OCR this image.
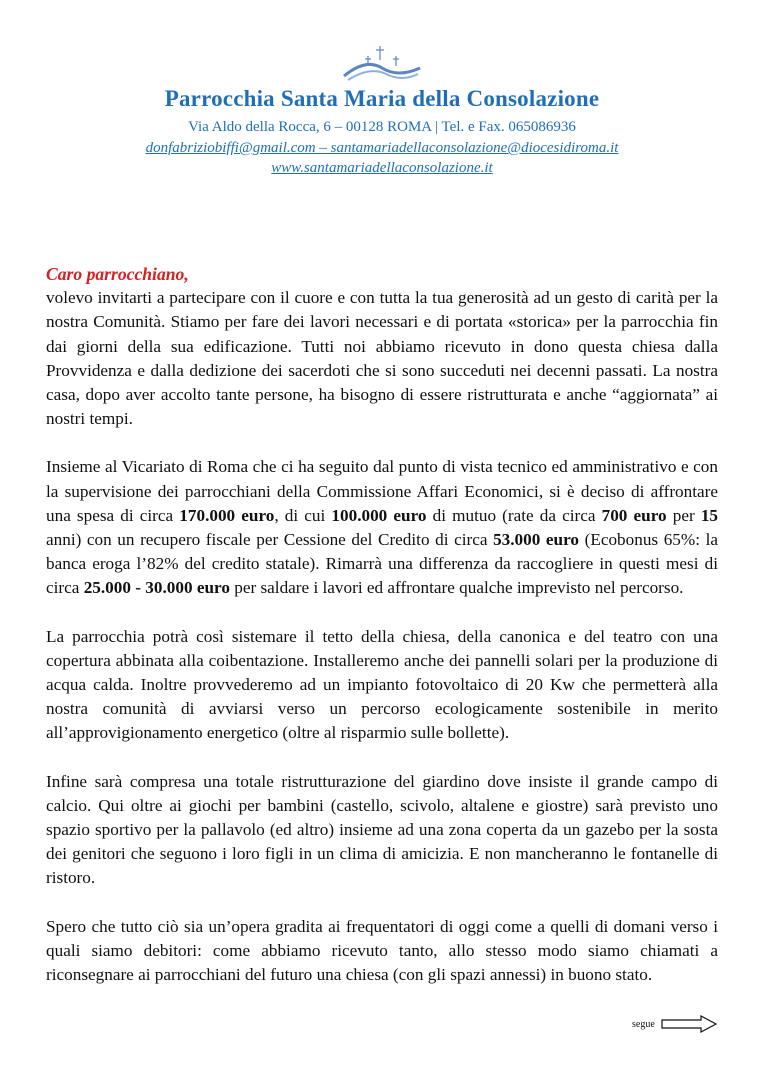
Parrocchia Santa Maria della Consolazione
Via Aldo della Rocca, 6 – 00128 ROMA | Tel. e Fax. 065086936
donfabriziobiffi@gmail.com – santamariadellaconsolazione@diocesidiroma.it
www.santamariadellaconsolazione.it
Caro parrocchiano,

volevo invitarti a partecipare con il cuore e con tutta la tua generosità ad un gesto di carità per la nostra Comunità. Stiamo per fare dei lavori necessari e di portata «storica» per la parrocchia fin dai giorni della sua edificazione. Tutti noi abbiamo ricevuto in dono questa chiesa dalla Provvidenza e dalla dedizione dei sacerdoti che si sono succeduti nei decenni passati. La nostra casa, dopo aver accolto tante persone, ha bisogno di essere ristrutturata e anche “aggiornata” ai nostri tempi.

Insieme al Vicariato di Roma che ci ha seguito dal punto di vista tecnico ed amministrativo e con la supervisione dei parrocchiani della Commissione Affari Economici, si è deciso di affrontare una spesa di circa 170.000 euro, di cui 100.000 euro di mutuo (rate da circa 700 euro per 15 anni) con un recupero fiscale per Cessione del Credito di circa 53.000 euro (Ecobonus 65%: la banca eroga l’82% del credito statale). Rimarrà una differenza da raccogliere in questi mesi di circa 25.000 - 30.000 euro per saldare i lavori ed affrontare qualche imprevisto nel percorso.

La parrocchia potrà così sistemare il tetto della chiesa, della canonica e del teatro con una copertura abbinata alla coibentazione. Installeremo anche dei pannelli solari per la produzione di acqua calda. Inoltre provvederemo ad un impianto fotovoltaico di 20 Kw che permetterà alla nostra comunità di avviarsi verso un percorso ecologicamente sostenibile in merito all’approvigionamento energetico (oltre al risparmio sulle bollette).

Infine sarà compresa una totale ristrutturazione del giardino dove insiste il grande campo di calcio. Qui oltre ai giochi per bambini (castello, scivolo, altalene e giostre) sarà previsto uno spazio sportivo per la pallavolo (ed altro) insieme ad una zona coperta da un gazebo per la sosta dei genitori che seguono i loro figli in un clima di amicizia. E non mancheranno le fontanelle di ristoro.

Spero che tutto ciò sia un’opera gradita ai frequentatori di oggi come a quelli di domani verso i quali siamo debitori: come abbiamo ricevuto tanto, allo stesso modo siamo chiamati a riconsegnare ai parrocchiani del futuro una chiesa (con gli spazi annessi) in buono stato.

segue
